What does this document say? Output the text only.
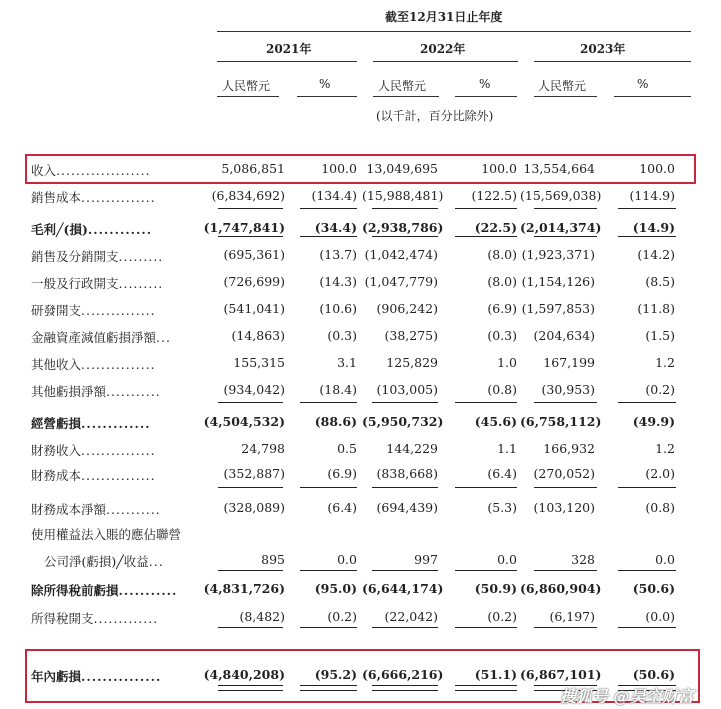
截至12月31日止年度
2021年	2022年	2023年
人民幣元	%	人民幣元	%	人民幣元	%
(以千計，百分比除外)
收入...................	5,086,851	100.0 13,049,695	100.0 13,554,664	100.0
銷售成本...............	(6,834,692)	(134.4) (15,988,481)	(122.5) (15,569,038)	(114.9)
毛利╱(損)............	(1,747,841)	(34.4) (2,938,786)	(22.5) (2,014,374)	(14.9)
銷售及分銷開支.........	(695,361)	(13.7) (1,042,474)	(8.0) (1,923,371)	(14.2)
一般及行政開支.........	(726,699)	(14.3) (1,047,779)	(8.0) (1,154,126)	(8.5)
研發開支...............	(541,041)	(10.6)	(906,242)	(6.9) (1,597,853)	(11.8)
金融資產減值虧損淨額...	(14,863)	(0.3)	(38,275)	(0.3)	(204,634)	(1.5)
其他收入...............	155,315	3.1	125,829	1.0	167,199	1.2
其他虧損淨額...........	(934,042)	(18.4)	(103,005)	(0.8)	(30,953)	(0.2)
經營虧損.............	(4,504,532)	(88.6) (5,950,732)	(45.6) (6,758,112)	(49.9)
財務收入...............	24,798	0.5	144,229	1.1	166,932	1.2
財務成本...............	(352,887)	(6.9)	(838,668)	(6.4)	(270,052)	(2.0)
財務成本淨額...........	(328,089)	(6.4)	(694,439)	(5.3)	(103,120)	(0.8)
使用權益法入賬的應佔聯營
公司淨(虧損)╱收益...	895	0.0	997	0.0	328	0.0
除所得稅前虧損...........	(4,831,726)	(95.0) (6,644,174)	(50.9) (6,860,904)	(50.6)
所得稅開支.............	(8,482)	(0.2)	(22,042)	(0.2)	(6,197)	(0.0)
年內虧損...............	(4,840,208)	(95.2) (6,666,216)	(51.1) (6,867,101)	(50.6)
搜狐号 @吴空财富
